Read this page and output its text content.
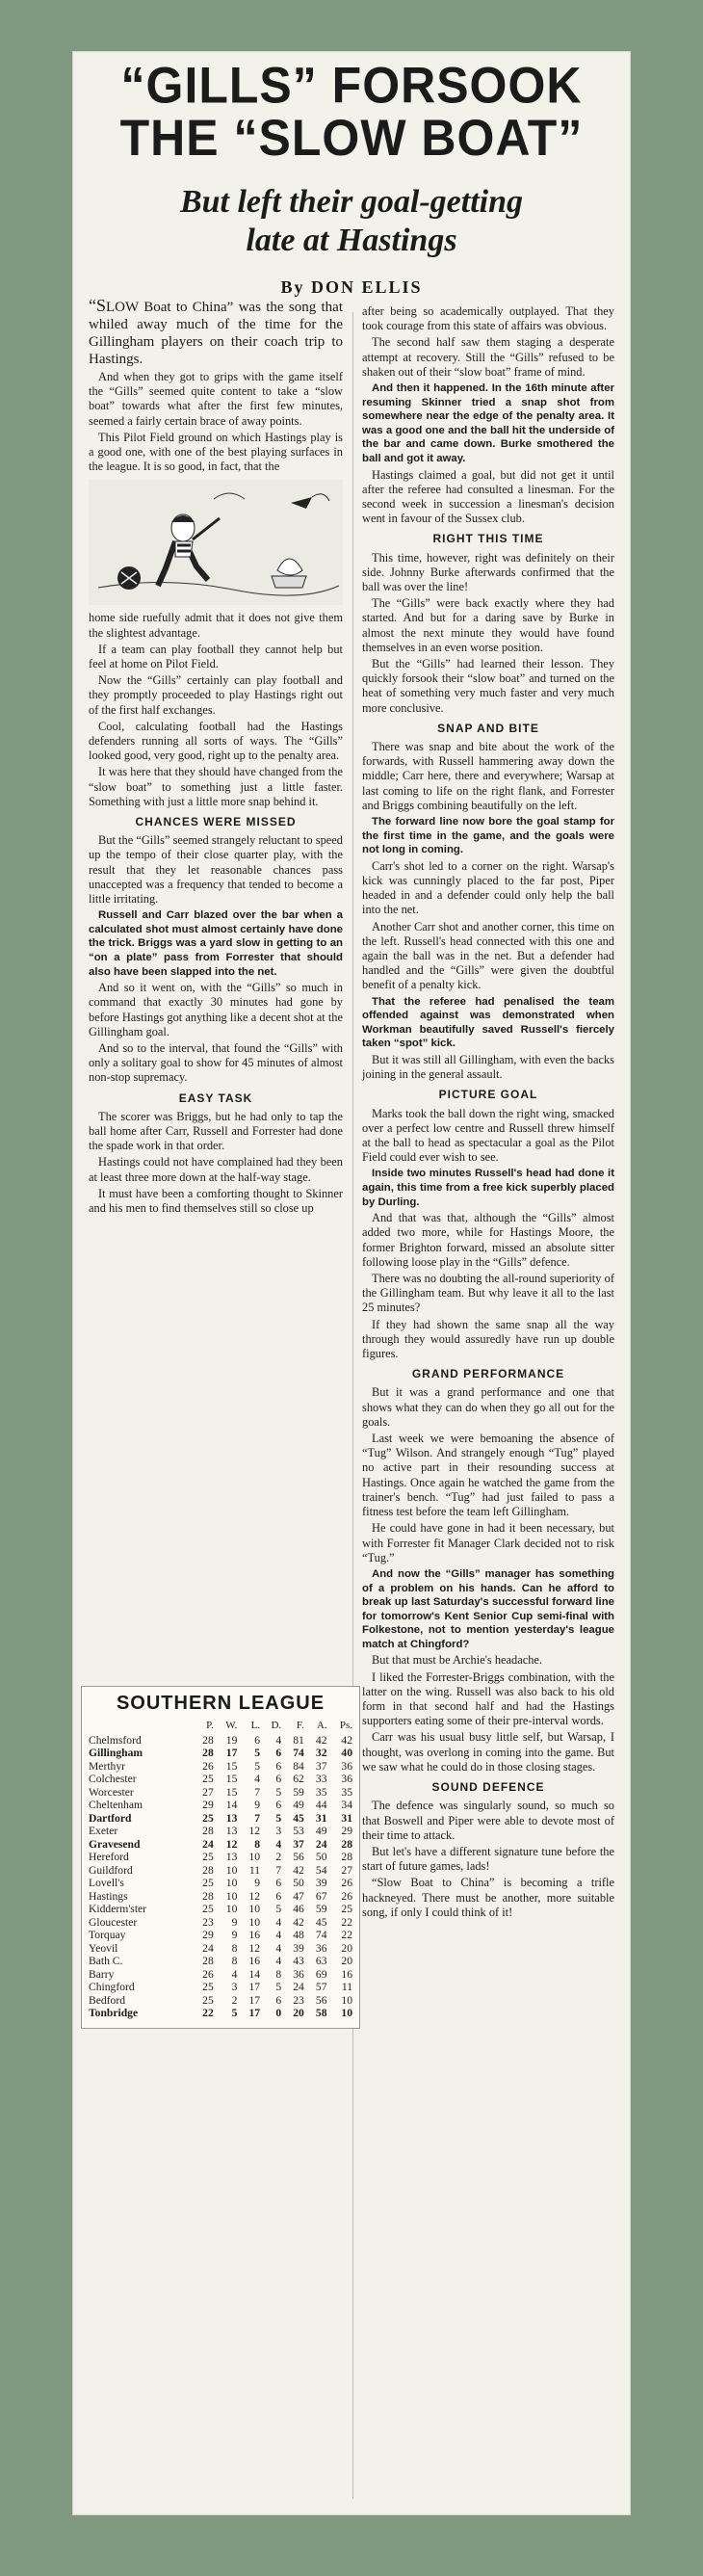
“GILLS” FORSOOK
THE “SLOW BOAT”
But left their goal-getting
late at Hastings
By DON ELLIS

“SLOW Boat to China” was the song that whiled away much of the time for the Gillingham players on their coach trip to Hastings.

And when they got to grips with the game itself the “Gills” seemed quite content to take a “slow boat” towards what after the first few minutes, seemed a fairly certain brace of away points.

This Pilot Field ground on which Hastings play is a good one, with one of the best playing surfaces in the league. It is so good, in fact, that the

home side ruefully admit that it does not give them the slightest advantage.

If a team can play football they cannot help but feel at home on Pilot Field.

Now the “Gills” certainly can play football and they promptly proceeded to play Hastings right out of the first half exchanges.

Cool, calculating football had the Hastings defenders running all sorts of ways. The “Gills” looked good, very good, right up to the penalty area.

It was here that they should have changed from the “slow boat” to something just a little faster. Something with just a little more snap behind it.

CHANCES WERE MISSED

But the “Gills” seemed strangely reluctant to speed up the tempo of their close quarter play, with the result that they let reasonable chances pass unaccepted was a frequency that tended to become a little irritating.

Russell and Carr blazed over the bar when a calculated shot must almost certainly have done the trick. Briggs was a yard slow in getting to an “on a plate” pass from Forrester that should also have been slapped into the net.

And so it went on, with the “Gills” so much in command that exactly 30 minutes had gone by before Hastings got anything like a decent shot at the Gillingham goal.

And so to the interval, that found the “Gills” with only a solitary goal to show for 45 minutes of almost non-stop supremacy.

EASY TASK

The scorer was Briggs, but he had only to tap the ball home after Carr, Russell and Forrester had done the spade work in that order.

Hastings could not have complained had they been at least three more down at the half-way stage.

It must have been a comforting thought to Skinner and his men to find themselves still so close up

after being so academically outplayed. That they took courage from this state of affairs was obvious.

The second half saw them staging a desperate attempt at recovery. Still the “Gills” refused to be shaken out of their “slow boat” frame of mind.

And then it happened. In the 16th minute after resuming Skinner tried a snap shot from somewhere near the edge of the penalty area. It was a good one and the ball hit the underside of the bar and came down. Burke smothered the ball and got it away.

Hastings claimed a goal, but did not get it until after the referee had consulted a linesman. For the second week in succession a linesman's decision went in favour of the Sussex club.

RIGHT THIS TIME

This time, however, right was definitely on their side. Johnny Burke afterwards confirmed that the ball was over the line!

The “Gills” were back exactly where they had started. And but for a daring save by Burke in almost the next minute they would have found themselves in an even worse position.

But the “Gills” had learned their lesson. They quickly forsook their “slow boat” and turned on the heat of something very much faster and very much more conclusive.

SNAP AND BITE

There was snap and bite about the work of the forwards, with Russell hammering away down the middle; Carr here, there and everywhere; Warsap at last coming to life on the right flank, and Forrester and Briggs combining beautifully on the left.

The forward line now bore the goal stamp for the first time in the game, and the goals were not long in coming.

Carr's shot led to a corner on the right. Warsap's kick was cunningly placed to the far post, Piper headed in and a defender could only help the ball into the net.

Another Carr shot and another corner, this time on the left. Russell's head connected with this one and again the ball was in the net. But a defender had handled and the “Gills” were given the doubtful benefit of a penalty kick.

That the referee had penalised the team offended against was demonstrated when Workman beautifully saved Russell's fiercely taken “spot” kick.

But it was still all Gillingham, with even the backs joining in the general assault.

PICTURE GOAL

Marks took the ball down the right wing, smacked over a perfect low centre and Russell threw himself at the ball to head as spectacular a goal as the Pilot Field could ever wish to see.

Inside two minutes Russell's head had done it again, this time from a free kick superbly placed by Durling.

And that was that, although the “Gills” almost added two more, while for Hastings Moore, the former Brighton forward, missed an absolute sitter following loose play in the “Gills” defence.

There was no doubting the all-round superiority of the Gillingham team. But why leave it all to the last 25 minutes?

If they had shown the same snap all the way through they would assuredly have run up double figures.

GRAND PERFORMANCE

But it was a grand performance and one that shows what they can do when they go all out for the goals.

Last week we were bemoaning the absence of “Tug” Wilson. And strangely enough “Tug” played no active part in their resounding success at Hastings. Once again he watched the game from the trainer's bench. “Tug” had just failed to pass a fitness test before the team left Gillingham.

He could have gone in had it been necessary, but with Forrester fit Manager Clark decided not to risk “Tug.”

And now the “Gills” manager has something of a problem on his hands. Can he afford to break up last Saturday's successful forward line for tomorrow's Kent Senior Cup semi-final with Folkestone, not to mention yesterday's league match at Chingford?

But that must be Archie's headache.

I liked the Forrester-Briggs combination, with the latter on the wing. Russell was also back to his old form in that second half and had the Hastings supporters eating some of their pre-interval words.

Carr was his usual busy little self, but Warsap, I thought, was overlong in coming into the game. But we saw what he could do in those closing stages.

SOUND DEFENCE

The defence was singularly sound, so much so that Boswell and Piper were able to devote most of their time to attack.

But let's have a different signature tune before the start of future games, lads!

“Slow Boat to China” is becoming a trifle hackneyed. There must be another, more suitable song, if only I could think of it!

SOUTHERN LEAGUE
	P.	W.	L.	D.	F.	A.	Ps.
Chelmsford	28	19	6	4	81	42	42
Gillingham	28	17	5	6	74	32	40
Merthyr	26	15	5	6	84	37	36
Colchester	25	15	4	6	62	33	36
Worcester	27	15	7	5	59	35	35
Cheltenham	29	14	9	6	49	44	34
Dartford	25	13	7	5	45	31	31
Exeter	28	13	12	3	53	49	29
Gravesend	24	12	8	4	37	24	28
Hereford	25	13	10	2	56	50	28
Guildford	28	10	11	7	42	54	27
Lovell's	25	10	9	6	50	39	26
Hastings	28	10	12	6	47	67	26
Kidderm'ster	25	10	10	5	46	59	25
Gloucester	23	9	10	4	42	45	22
Torquay	29	9	16	4	48	74	22
Yeovil	24	8	12	4	39	36	20
Bath C.	28	8	16	4	43	63	20
Barry	26	4	14	8	36	69	16
Chingford	25	3	17	5	24	57	11
Bedford	25	2	17	6	23	56	10
Tonbridge	22	5	17	0	20	58	10
